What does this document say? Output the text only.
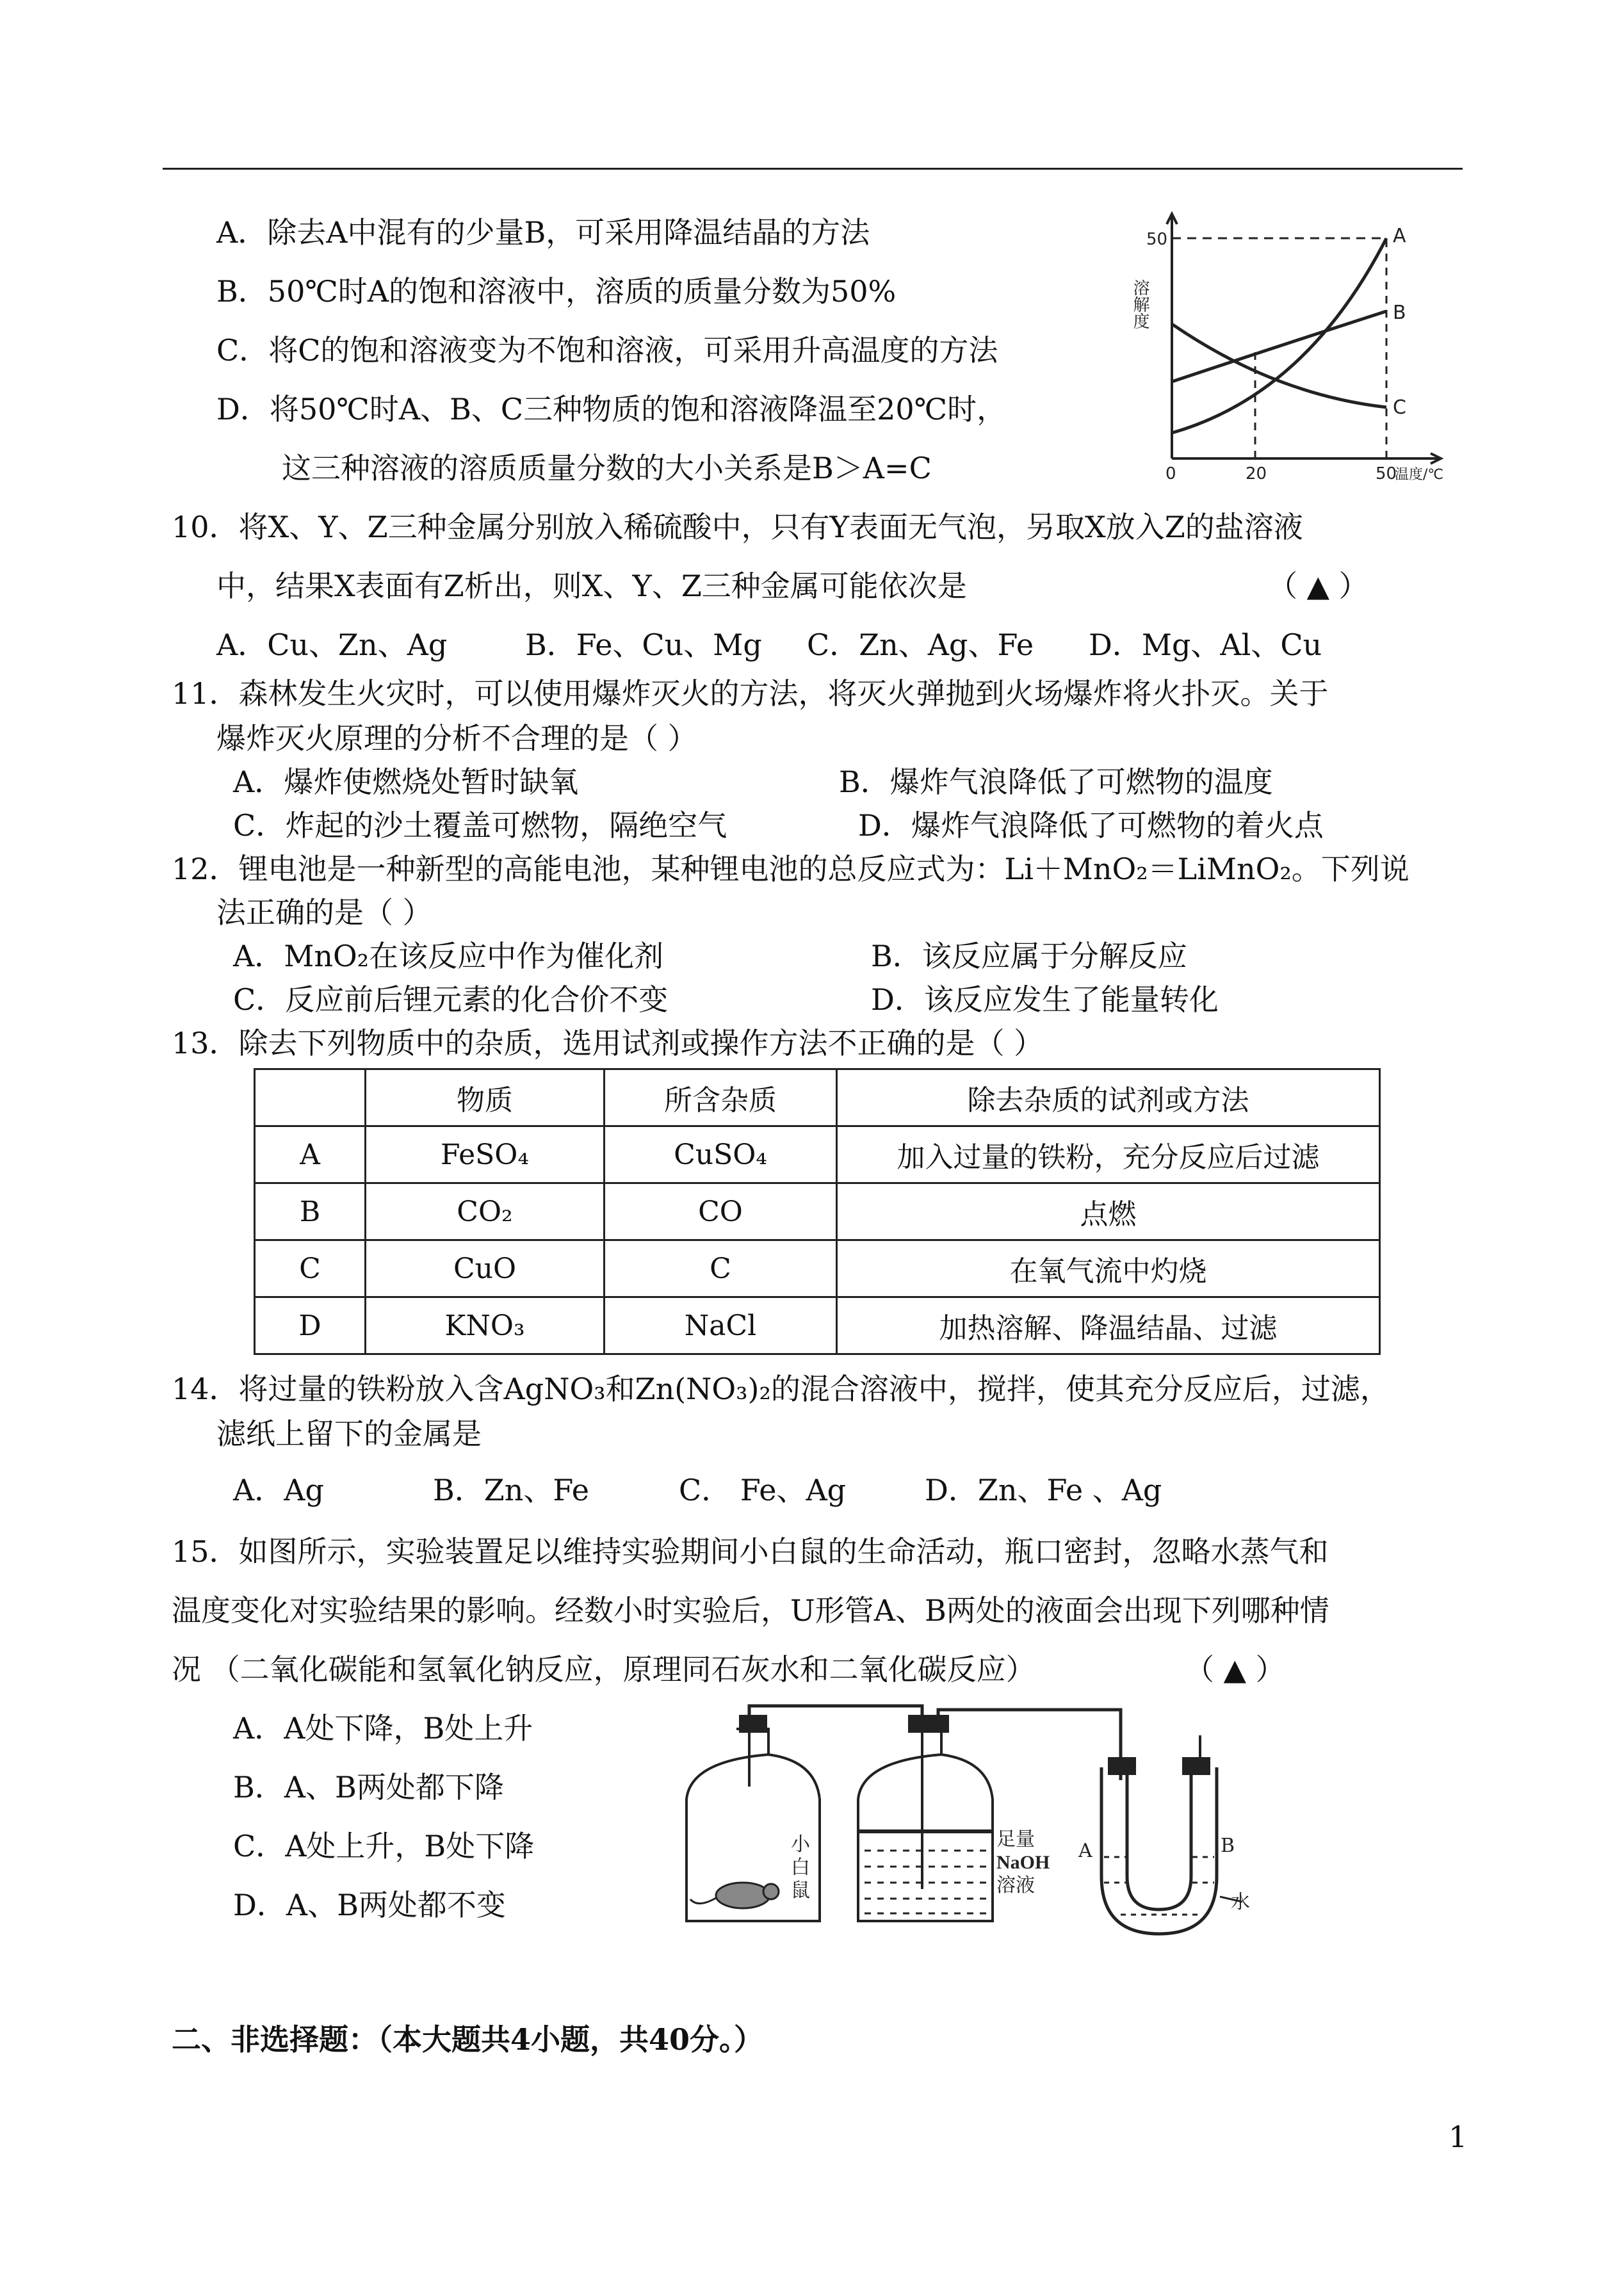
A．除去A中混有的少量B，可采用降温结晶的方法
B．50℃时A的饱和溶液中，溶质的质量分数为50%
C．将C的饱和溶液变为不饱和溶液，可采用升高温度的方法
D．将50℃时A、B、C三种物质的饱和溶液降温至20℃时，
这三种溶液的溶质质量分数的大小关系是B＞A=C
溶解度
50
0	20	50
温度/℃
A
B
C
10．将X、Y、Z三种金属分别放入稀硫酸中，只有Y表面无气泡，另取X放入Z的盐溶液
中，结果X表面有Z析出，则X、Y、Z三种金属可能依次是	（ ▲ ）
A．Cu、Zn、Ag	B．Fe、Cu、Mg C．Zn、Ag、Fe D．Mg、Al、Cu
11．森林发生火灾时，可以使用爆炸灭火的方法，将灭火弹抛到火场爆炸将火扑灭。关于
爆炸灭火原理的分析不合理的是（ ）
A．爆炸使燃烧处暂时缺氧	B．爆炸气浪降低了可燃物的温度
C．炸起的沙土覆盖可燃物，隔绝空气	D．爆炸气浪降低了可燃物的着火点
12．锂电池是一种新型的高能电池，某种锂电池的总反应式为：Li＋MnO₂＝LiMnO₂。下列说
法正确的是（ ）
A．MnO₂在该反应中作为催化剂	B．该反应属于分解反应
C．反应前后锂元素的化合价不变	D．该反应发生了能量转化
13．除去下列物质中的杂质，选用试剂或操作方法不正确的是（ ）
	物质	所含杂质	除去杂质的试剂或方法
A	FeSO₄	CuSO₄	加入过量的铁粉，充分反应后过滤
B	CO₂	CO	点燃
C	CuO	C	在氧气流中灼烧
D	KNO₃	NaCl	加热溶解、降温结晶、过滤
14．将过量的铁粉放入含AgNO₃和Zn(NO₃)₂的混合溶液中，搅拌，使其充分反应后，过滤，
滤纸上留下的金属是
A．Ag	B．Zn、Fe	C． Fe、Ag	D．Zn、Fe 、Ag
15．如图所示，实验装置足以维持实验期间小白鼠的生命活动，瓶口密封，忽略水蒸气和
温度变化对实验结果的影响。经数小时实验后，U形管A、B两处的液面会出现下列哪种情
况 （二氧化碳能和氢氧化钠反应，原理同石灰水和二氧化碳反应）	（ ▲ ）
A．A处下降，B处上升
B．A、B两处都下降
C．A处上升，B处下降
D．A、B两处都不变
小
白
鼠
足量
NaOH
溶液
A	B
水
二、非选择题：（本大题共4小题，共40分。）
1
